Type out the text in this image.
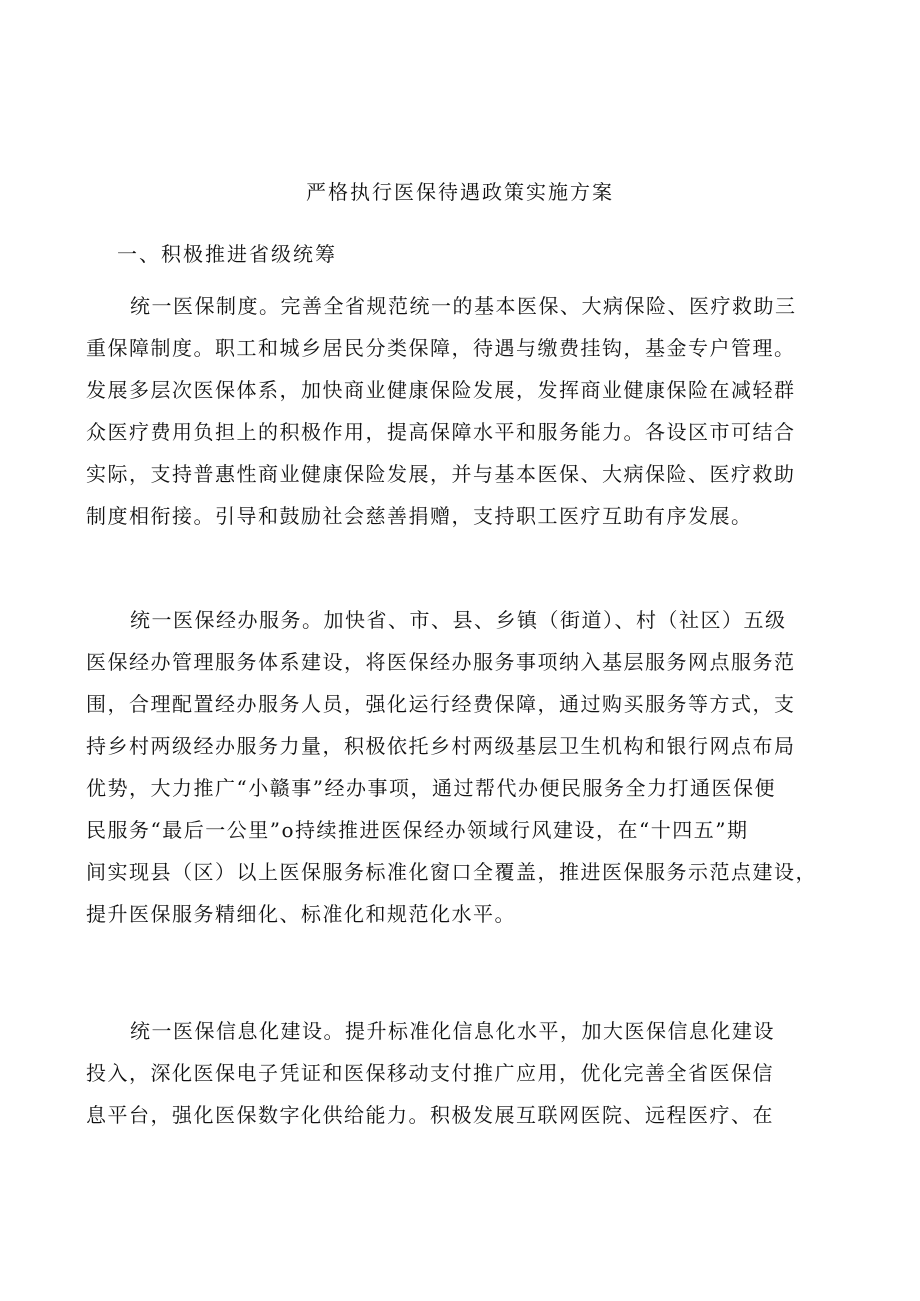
严格执行医保待遇政策实施方案
一、积极推进省级统筹
统一医保制度。完善全省规范统一的基本医保、大病保险、医疗救助三
重保障制度。职工和城乡居民分类保障，待遇与缴费挂钩，基金专户管理。
发展多层次医保体系，加快商业健康保险发展，发挥商业健康保险在减轻群
众医疗费用负担上的积极作用，提高保障水平和服务能力。各设区市可结合
实际，支持普惠性商业健康保险发展，并与基本医保、大病保险、医疗救助
制度相衔接。引导和鼓励社会慈善捐赠，支持职工医疗互助有序发展。
统一医保经办服务。加快省、市、县、乡镇（街道）、村（社区）五级
医保经办管理服务体系建设，将医保经办服务事项纳入基层服务网点服务范
围，合理配置经办服务人员，强化运行经费保障，通过购买服务等方式，支
持乡村两级经办服务力量，积极依托乡村两级基层卫生机构和银行网点布局
优势，大力推广“小赣事”经办事项，通过帮代办便民服务全力打通医保便
民服务“最后一公里”o持续推进医保经办领域行风建设，在“十四五”期
间实现县（区）以上医保服务标准化窗口全覆盖，推进医保服务示范点建设，
提升医保服务精细化、标准化和规范化水平。
统一医保信息化建设。提升标准化信息化水平，加大医保信息化建设
投入，深化医保电子凭证和医保移动支付推广应用，优化完善全省医保信
息平台，强化医保数字化供给能力。积极发展互联网医院、远程医疗、在
